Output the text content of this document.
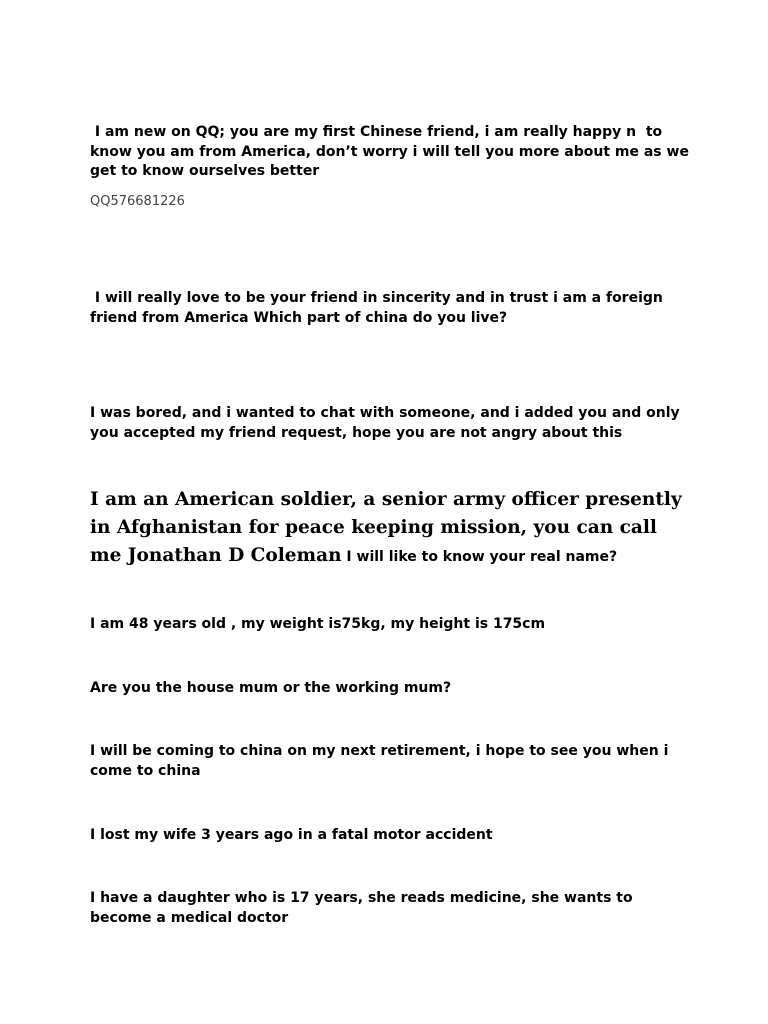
I am new on QQ; you are my first Chinese friend, i am really happy n  to know you am from America, don’t worry i will tell you more about me as we get to know ourselves better

QQ576681226

I will really love to be your friend in sincerity and in trust i am a foreign friend from America Which part of china do you live?

I was bored, and i wanted to chat with someone, and i added you and only you accepted my friend request, hope you are not angry about this

I am an American soldier, a senior army officer presently in Afghanistan for peace keeping mission, you can call me Jonathan D Coleman I will like to know your real name?

I am 48 years old , my weight is75kg, my height is 175cm

Are you the house mum or the working mum?

I will be coming to china on my next retirement, i hope to see you when i come to china

I lost my wife 3 years ago in a fatal motor accident

I have a daughter who is 17 years, she reads medicine, she wants to become a medical doctor
